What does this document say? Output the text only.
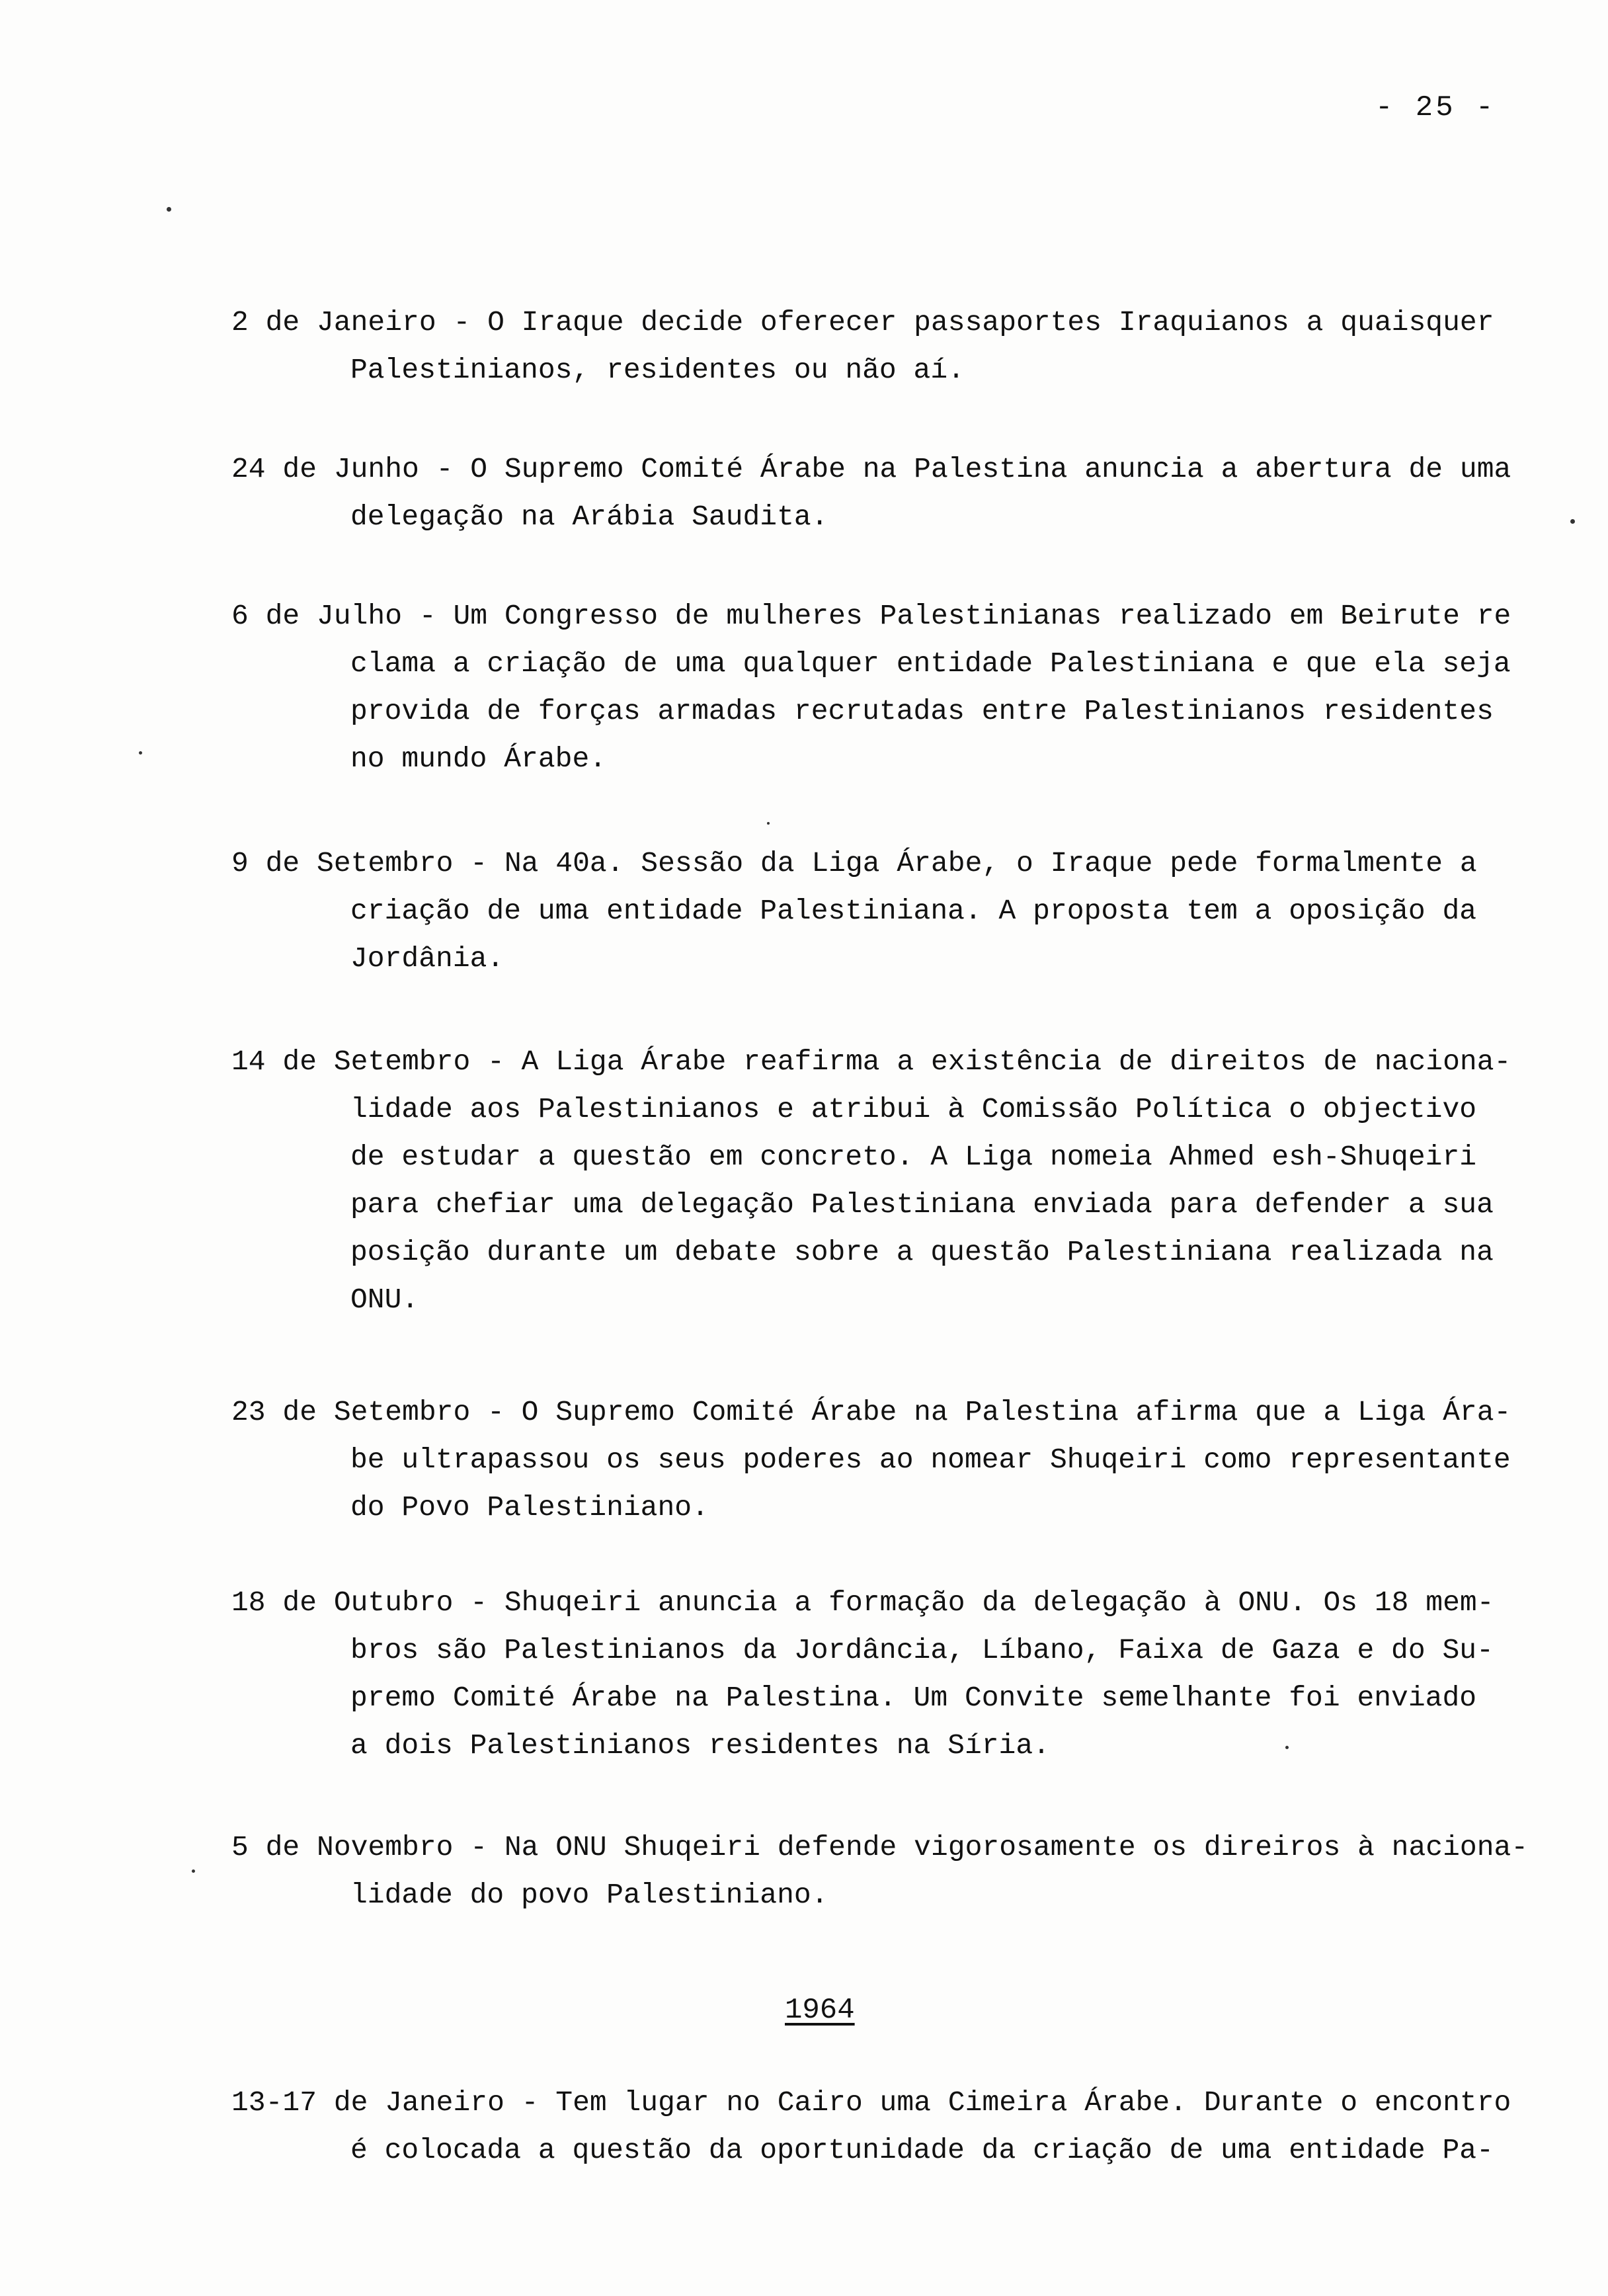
- 25 -
2 de Janeiro - O Iraque decide oferecer passaportes Iraquianos a quaisquer
Palestinianos, residentes ou não aí.
24 de Junho - O Supremo Comité Árabe na Palestina anuncia a abertura de uma
delegação na Arábia Saudita.
6 de Julho - Um Congresso de mulheres Palestinianas realizado em Beirute re
clama a criação de uma qualquer entidade Palestiniana e que ela seja
provida de forças armadas recrutadas entre Palestinianos residentes
no mundo Árabe.
9 de Setembro - Na 40a. Sessão da Liga Árabe, o Iraque pede formalmente a
criação de uma entidade Palestiniana. A proposta tem a oposição da
Jordânia.
14 de Setembro - A Liga Árabe reafirma a existência de direitos de naciona-
lidade aos Palestinianos e atribui à Comissão Política o objectivo
de estudar a questão em concreto. A Liga nomeia Ahmed esh-Shuqeiri
para chefiar uma delegação Palestiniana enviada para defender a sua
posição durante um debate sobre a questão Palestiniana realizada na
ONU.
23 de Setembro - O Supremo Comité Árabe na Palestina afirma que a Liga Ára-
be ultrapassou os seus poderes ao nomear Shuqeiri como representante
do Povo Palestiniano.
18 de Outubro - Shuqeiri anuncia a formação da delegação à ONU. Os 18 mem-
bros são Palestinianos da Jordância, Líbano, Faixa de Gaza e do Su-
premo Comité Árabe na Palestina. Um Convite semelhante foi enviado
a dois Palestinianos residentes na Síria.
5 de Novembro - Na ONU Shuqeiri defende vigorosamente os direiros à naciona-
lidade do povo Palestiniano.
1964
13-17 de Janeiro - Tem lugar no Cairo uma Cimeira Árabe. Durante o encontro
é colocada a questão da oportunidade da criação de uma entidade Pa-
